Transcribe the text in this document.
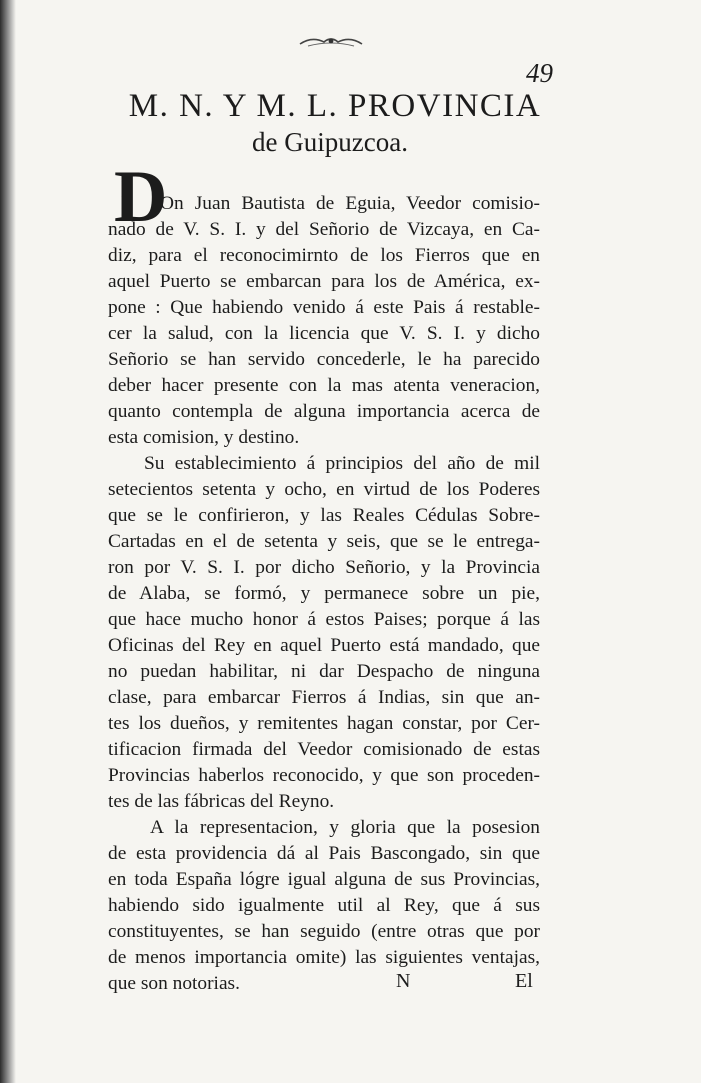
49
M. N. Y M. L. PROVINCIA
de Guipuzcoa.
D
On Juan Bautista de Eguia, Veedor comisio-
nado de V. S. I. y del Señorio de Vizcaya, en Ca-
diz, para el reconocimirnto de los Fierros que en
aquel Puerto se embarcan para los de América, ex-
pone : Que habiendo venido á este Pais á restable-
cer la salud, con la licencia que V. S. I. y dicho
Señorio se han servido concederle, le ha parecido
deber hacer presente con la mas atenta veneracion,
quanto contempla de alguna importancia acerca de
esta comision, y destino.
Su establecimiento á principios del año de mil
setecientos setenta y ocho, en virtud de los Poderes
que se le confirieron, y las Reales Cédulas Sobre-
Cartadas en el de setenta y seis, que se le entrega-
ron por V. S. I. por dicho Señorio, y la Provincia
de Alaba, se formó, y permanece sobre un pie,
que hace mucho honor á estos Paises; porque á las
Oficinas del Rey en aquel Puerto está mandado, que
no puedan habilitar, ni dar Despacho de ninguna
clase, para embarcar Fierros á Indias, sin que an-
tes los dueños, y remitentes hagan constar, por Cer-
tificacion firmada del Veedor comisionado de estas
Provincias haberlos reconocido, y que son proceden-
tes de las fábricas del Reyno.
A la representacion, y gloria que la posesion
de esta providencia dá al Pais Bascongado, sin que
en toda España lógre igual alguna de sus Provincias,
habiendo sido igualmente util al Rey, que á sus
constituyentes, se han seguido (entre otras que por
de menos importancia omite) las siguientes ventajas,
que son notorias.	N	El
